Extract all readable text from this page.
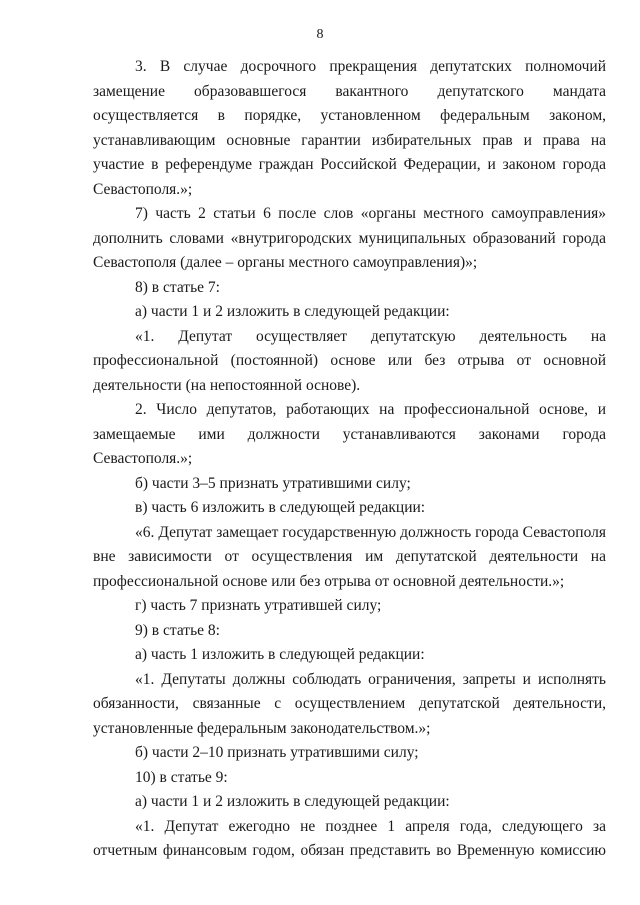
8

3. В случае досрочного прекращения депутатских полномочий замещение образовавшегося вакантного депутатского мандата осуществляется в порядке, установленном федеральным законом, устанавливающим основные гарантии избирательных прав и права на участие в референдуме граждан Российской Федерации, и законом города Севастополя.»;

7) часть 2 статьи 6 после слов «органы местного самоуправления» дополнить словами «внутригородских муниципальных образований города Севастополя (далее – органы местного самоуправления)»;

8) в статье 7:

а) части 1 и 2 изложить в следующей редакции:

«1. Депутат осуществляет депутатскую деятельность на профессиональной (постоянной) основе или без отрыва от основной деятельности (на непостоянной основе).

2. Число депутатов, работающих на профессиональной основе, и замещаемые ими должности устанавливаются законами города Севастополя.»;

б) части 3–5 признать утратившими силу;

в) часть 6 изложить в следующей редакции:

«6. Депутат замещает государственную должность города Севастополя вне зависимости от осуществления им депутатской деятельности на профессиональной основе или без отрыва от основной деятельности.»;

г) часть 7 признать утратившей силу;

9) в статье 8:

а) часть 1 изложить в следующей редакции:

«1. Депутаты должны соблюдать ограничения, запреты и исполнять обязанности, связанные с осуществлением депутатской деятельности, установленные федеральным законодательством.»;

б) части 2–10 признать утратившими силу;

10) в статье 9:

а) части 1 и 2 изложить в следующей редакции:

«1. Депутат ежегодно не позднее 1 апреля года, следующего за отчетным финансовым годом, обязан представить во Временную комиссию
